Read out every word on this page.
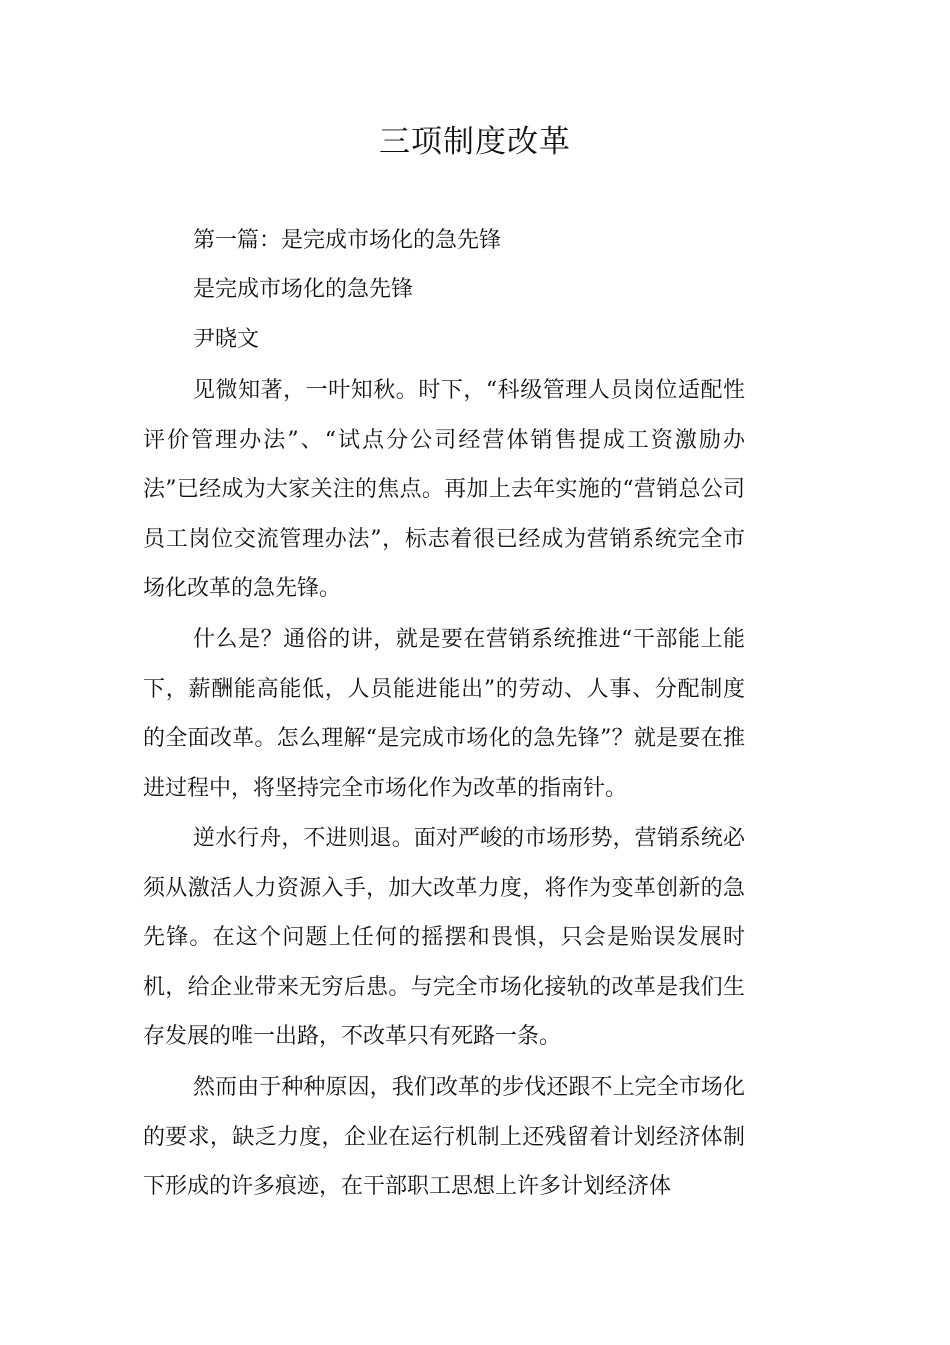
三项制度改革
第一篇：是完成市场化的急先锋
是完成市场化的急先锋
尹晓文

见微知著，一叶知秋。时下，“科级管理人员岗位适配性评价管理办法”、“试点分公司经营体销售提成工资激励办法”已经成为大家关注的焦点。再加上去年实施的“营销总公司员工岗位交流管理办法”，标志着很已经成为营销系统完全市场化改革的急先锋。

什么是？通俗的讲，就是要在营销系统推进“干部能上能下，薪酬能高能低，人员能进能出”的劳动、人事、分配制度的全面改革。怎么理解“是完成市场化的急先锋”？就是要在推进过程中，将坚持完全市场化作为改革的指南针。

逆水行舟，不进则退。面对严峻的市场形势，营销系统必须从激活人力资源入手，加大改革力度，将作为变革创新的急先锋。在这个问题上任何的摇摆和畏惧，只会是贻误发展时机，给企业带来无穷后患。与完全市场化接轨的改革是我们生存发展的唯一出路，不改革只有死路一条。

然而由于种种原因，我们改革的步伐还跟不上完全市场化的要求，缺乏力度，企业在运行机制上还残留着计划经济体制下形成的许多痕迹，在干部职工思想上许多计划经济体
